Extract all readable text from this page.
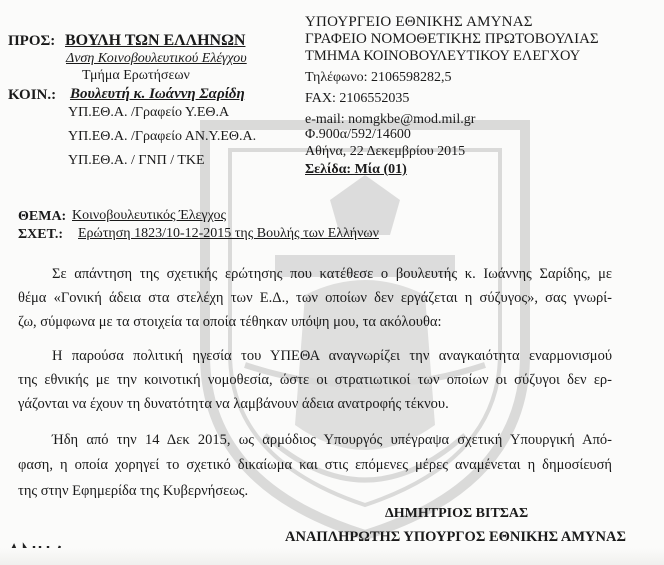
ΠΡΟΣ: ΒΟΥΛΗ ΤΩΝ ΕΛΛΗΝΩΝ
Δνση Κοινοβουλευτικού Ελέγχου
Τμήμα Ερωτήσεων
ΚΟΙΝ.: Βουλευτή κ. Ιωάννη Σαρίδη
ΥΠ.ΕΘ.Α. /Γραφείο Υ.ΕΘ.Α
ΥΠ.ΕΘ.Α. /Γραφείο ΑΝ.Υ.ΕΘ.Α.
ΥΠ.ΕΘ.Α. / ΓΝΠ / ΤΚΕ
ΥΠΟΥΡΓΕΙΟ ΕΘΝΙΚΗΣ ΑΜΥΝΑΣ
ΓΡΑΦΕΙΟ ΝΟΜΟΘΕΤΙΚΗΣ ΠΡΩΤΟΒΟΥΛΙΑΣ
ΤΜΗΜΑ ΚΟΙΝΟΒΟΥΛΕΥΤΙΚΟΥ ΕΛΕΓΧΟΥ
Τηλέφωνο: 2106598282,5
FAX: 2106552035
e-mail: nomgkbe@mod.mil.gr
Φ.900α/592/14600
Αθήνα, 22 Δεκεμβρίου 2015
Σελίδα: Μία (01)
ΘΕΜΑ: Κοινοβουλευτικός Έλεγχος
ΣΧΕΤ.: Ερώτηση 1823/10-12-2015 της Βουλής των Ελλήνων
Σε απάντηση της σχετικής ερώτησης που κατέθεσε ο βουλευτής κ. Ιωάννης Σαρίδης, με
θέμα «Γονική άδεια στα στελέχη των Ε.Δ., των οποίων δεν εργάζεται η σύζυγος», σας γνωρί-
ζω, σύμφωνα με τα στοιχεία τα οποία τέθηκαν υπόψη μου, τα ακόλουθα:
Η παρούσα πολιτική ηγεσία του ΥΠΕΘΑ αναγνωρίζει την αναγκαιότητα εναρμονισμού
της εθνικής με την κοινοτική νομοθεσία, ώστε οι στρατιωτικοί των οποίων οι σύζυγοι δεν ερ-
γάζονται να έχουν τη δυνατότητα να λαμβάνουν άδεια ανατροφής τέκνου.
Ήδη από την 14 Δεκ 2015, ως αρμόδιος Υπουργός υπέγραψα σχετική Υπουργική Από-
φαση, η οποία χορηγεί το σχετικό δικαίωμα και στις επόμενες μέρες αναμένεται η δημοσίευσή
της στην Εφημερίδα της Κυβερνήσεως.
ΔΗΜΗΤΡΙΟΣ ΒΙΤΣΑΣ
ΑΝΑΠΛΗΡΩΤΗΣ ΥΠΟΥΡΓΟΣ ΕΘΝΙΚΗΣ ΑΜΥΝΑΣ
